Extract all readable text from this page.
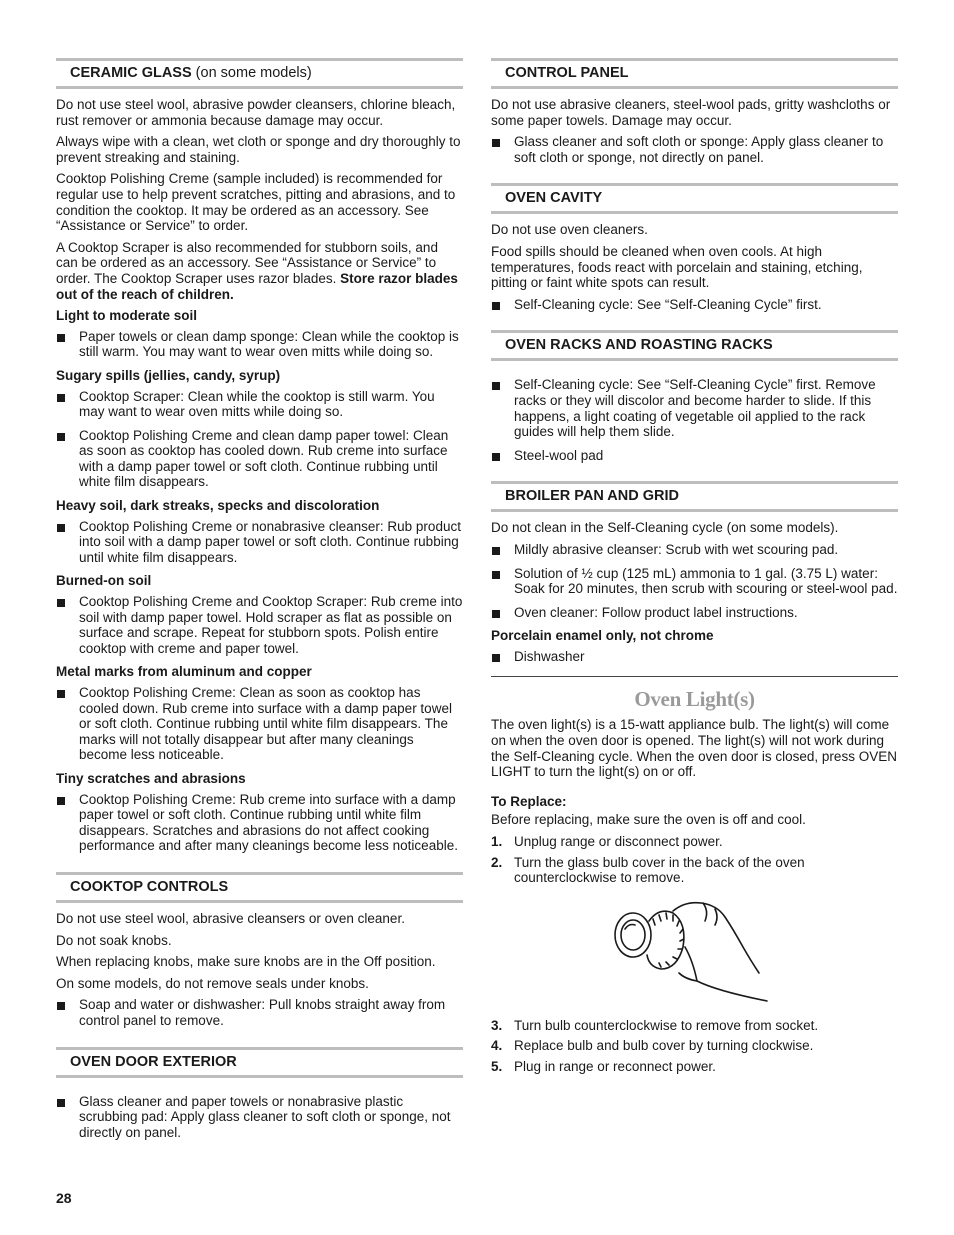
CERAMIC GLASS (on some models)

Do not use steel wool, abrasive powder cleansers, chlorine bleach, rust remover or ammonia because damage may occur.

Always wipe with a clean, wet cloth or sponge and dry thoroughly to prevent streaking and staining.

Cooktop Polishing Creme (sample included) is recommended for regular use to help prevent scratches, pitting and abrasions, and to condition the cooktop. It may be ordered as an accessory. See “Assistance or Service” to order.

A Cooktop Scraper is also recommended for stubborn soils, and can be ordered as an accessory. See “Assistance or Service” to order. The Cooktop Scraper uses razor blades. Store razor blades out of the reach of children.

Light to moderate soil
Paper towels or clean damp sponge: Clean while the cooktop is still warm. You may want to wear oven mitts while doing so.
Sugary spills (jellies, candy, syrup)
Cooktop Scraper: Clean while the cooktop is still warm. You may want to wear oven mitts while doing so.
Cooktop Polishing Creme and clean damp paper towel: Clean as soon as cooktop has cooled down. Rub creme into surface with a damp paper towel or soft cloth. Continue rubbing until white film disappears.
Heavy soil, dark streaks, specks and discoloration
Cooktop Polishing Creme or nonabrasive cleanser: Rub product into soil with a damp paper towel or soft cloth. Continue rubbing until white film disappears.
Burned-on soil
Cooktop Polishing Creme and Cooktop Scraper: Rub creme into soil with damp paper towel. Hold scraper as flat as possible on surface and scrape. Repeat for stubborn spots. Polish entire cooktop with creme and paper towel.
Metal marks from aluminum and copper
Cooktop Polishing Creme: Clean as soon as cooktop has cooled down. Rub creme into surface with a damp paper towel or soft cloth. Continue rubbing until white film disappears. The marks will not totally disappear but after many cleanings become less noticeable.
Tiny scratches and abrasions
Cooktop Polishing Creme: Rub creme into surface with a damp paper towel or soft cloth. Continue rubbing until white film disappears. Scratches and abrasions do not affect cooking performance and after many cleanings become less noticeable.
COOKTOP CONTROLS

Do not use steel wool, abrasive cleansers or oven cleaner.

Do not soak knobs.

When replacing knobs, make sure knobs are in the Off position.

On some models, do not remove seals under knobs.

Soap and water or dishwasher: Pull knobs straight away from control panel to remove.
OVEN DOOR EXTERIOR
Glass cleaner and paper towels or nonabrasive plastic scrubbing pad: Apply glass cleaner to soft cloth or sponge, not directly on panel.
CONTROL PANEL

Do not use abrasive cleaners, steel-wool pads, gritty washcloths or some paper towels. Damage may occur.

Glass cleaner and soft cloth or sponge: Apply glass cleaner to soft cloth or sponge, not directly on panel.
OVEN CAVITY

Do not use oven cleaners.

Food spills should be cleaned when oven cools. At high temperatures, foods react with porcelain and staining, etching, pitting or faint white spots can result.

Self-Cleaning cycle: See “Self-Cleaning Cycle” first.
OVEN RACKS AND ROASTING RACKS
Self-Cleaning cycle: See “Self-Cleaning Cycle” first. Remove racks or they will discolor and become harder to slide. If this happens, a light coating of vegetable oil applied to the rack guides will help them slide.
Steel-wool pad
BROILER PAN AND GRID

Do not clean in the Self-Cleaning cycle (on some models).

Mildly abrasive cleanser: Scrub with wet scouring pad.
Solution of ½ cup (125 mL) ammonia to 1 gal. (3.75 L) water: Soak for 20 minutes, then scrub with scouring or steel-wool pad.
Oven cleaner: Follow product label instructions.
Porcelain enamel only, not chrome
Dishwasher
Oven Light(s)

The oven light(s) is a 15-watt appliance bulb. The light(s) will come on when the oven door is opened. The light(s) will not work during the Self-Cleaning cycle. When the oven door is closed, press OVEN LIGHT to turn the light(s) on or off.

To Replace:

Before replacing, make sure the oven is off and cool.

1. Unplug range or disconnect power.
2. Turn the glass bulb cover in the back of the oven counterclockwise to remove.
3. Turn bulb counterclockwise to remove from socket.
4. Replace bulb and bulb cover by turning clockwise.
5. Plug in range or reconnect power.
28
